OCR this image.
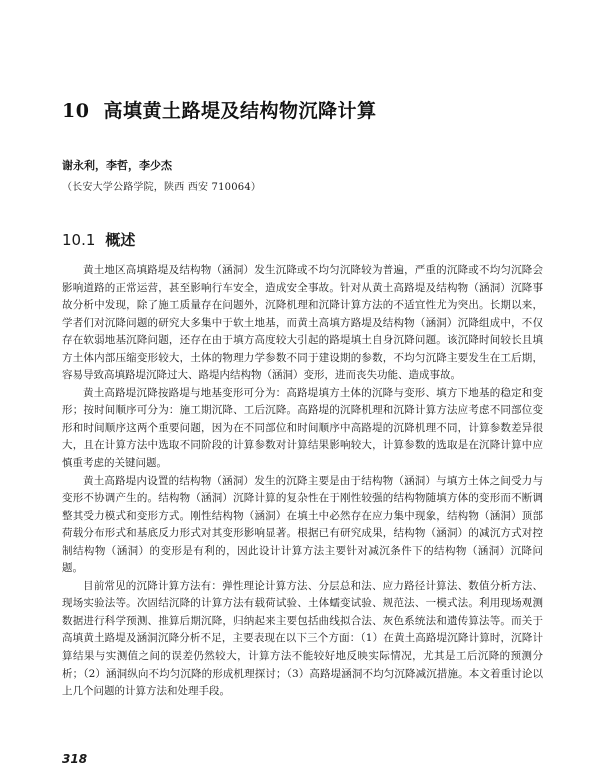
10 高填黄土路堤及结构物沉降计算
谢永利，李哲，李少杰
（长安大学公路学院，陕西 西安 710064）
10.1 概述

黄土地区高填路堤及结构物（涵洞）发生沉降或不均匀沉降较为普遍，严重的沉降或不均匀沉降会影响道路的正常运营，甚至影响行车安全，造成安全事故。针对从黄土高路堤及结构物（涵洞）沉降事故分析中发现，除了施工质量存在问题外，沉降机理和沉降计算方法的不适宜性尤为突出。长期以来，学者们对沉降问题的研究大多集中于软土地基，而黄土高填方路堤及结构物（涵洞）沉降组成中，不仅存在软弱地基沉降问题，还存在由于填方高度较大引起的路堤填土自身沉降问题。该沉降时间较长且填方土体内部压缩变形较大，土体的物理力学参数不同于建设期的参数，不均匀沉降主要发生在工后期，容易导致高填路堤沉降过大、路堤内结构物（涵洞）变形，进而丧失功能、造成事故。

黄土高路堤沉降按路堤与地基变形可分为：高路堤填方土体的沉降与变形、填方下地基的稳定和变形；按时间顺序可分为：施工期沉降、工后沉降。高路堤的沉降机理和沉降计算方法应考虑不同部位变形和时间顺序这两个重要问题，因为在不同部位和时间顺序中高路堤的沉降机理不同，计算参数差异很大，且在计算方法中选取不同阶段的计算参数对计算结果影响较大，计算参数的选取是在沉降计算中应慎重考虑的关键问题。

黄土高路堤内设置的结构物（涵洞）发生的沉降主要是由于结构物（涵洞）与填方土体之间受力与变形不协调产生的。结构物（涵洞）沉降计算的复杂性在于刚性较强的结构物随填方体的变形而不断调整其受力模式和变形方式。刚性结构物（涵洞）在填土中必然存在应力集中现象，结构物（涵洞）顶部荷载分布形式和基底反力形式对其变形影响显著。根据已有研究成果，结构物（涵洞）的减沉方式对控制结构物（涵洞）的变形是有利的，因此设计计算方法主要针对减沉条件下的结构物（涵洞）沉降问题。

目前常见的沉降计算方法有：弹性理论计算方法、分层总和法、应力路径计算法、数值分析方法、现场实验法等。次固结沉降的计算方法有载荷试验、土体蠕变试验、规范法、一模式法。利用现场观测数据进行科学预测、推算后期沉降，归纳起来主要包括曲线拟合法、灰色系统法和遗传算法等。而关于高填黄土路堤及涵洞沉降分析不足，主要表现在以下三个方面：（1）在黄土高路堤沉降计算时，沉降计算结果与实测值之间的误差仍然较大，计算方法不能较好地反映实际情况，尤其是工后沉降的预测分析；（2）涵洞纵向不均匀沉降的形成机理探讨；（3）高路堤涵洞不均匀沉降减沉措施。本文着重讨论以上几个问题的计算方法和处理手段。

318
